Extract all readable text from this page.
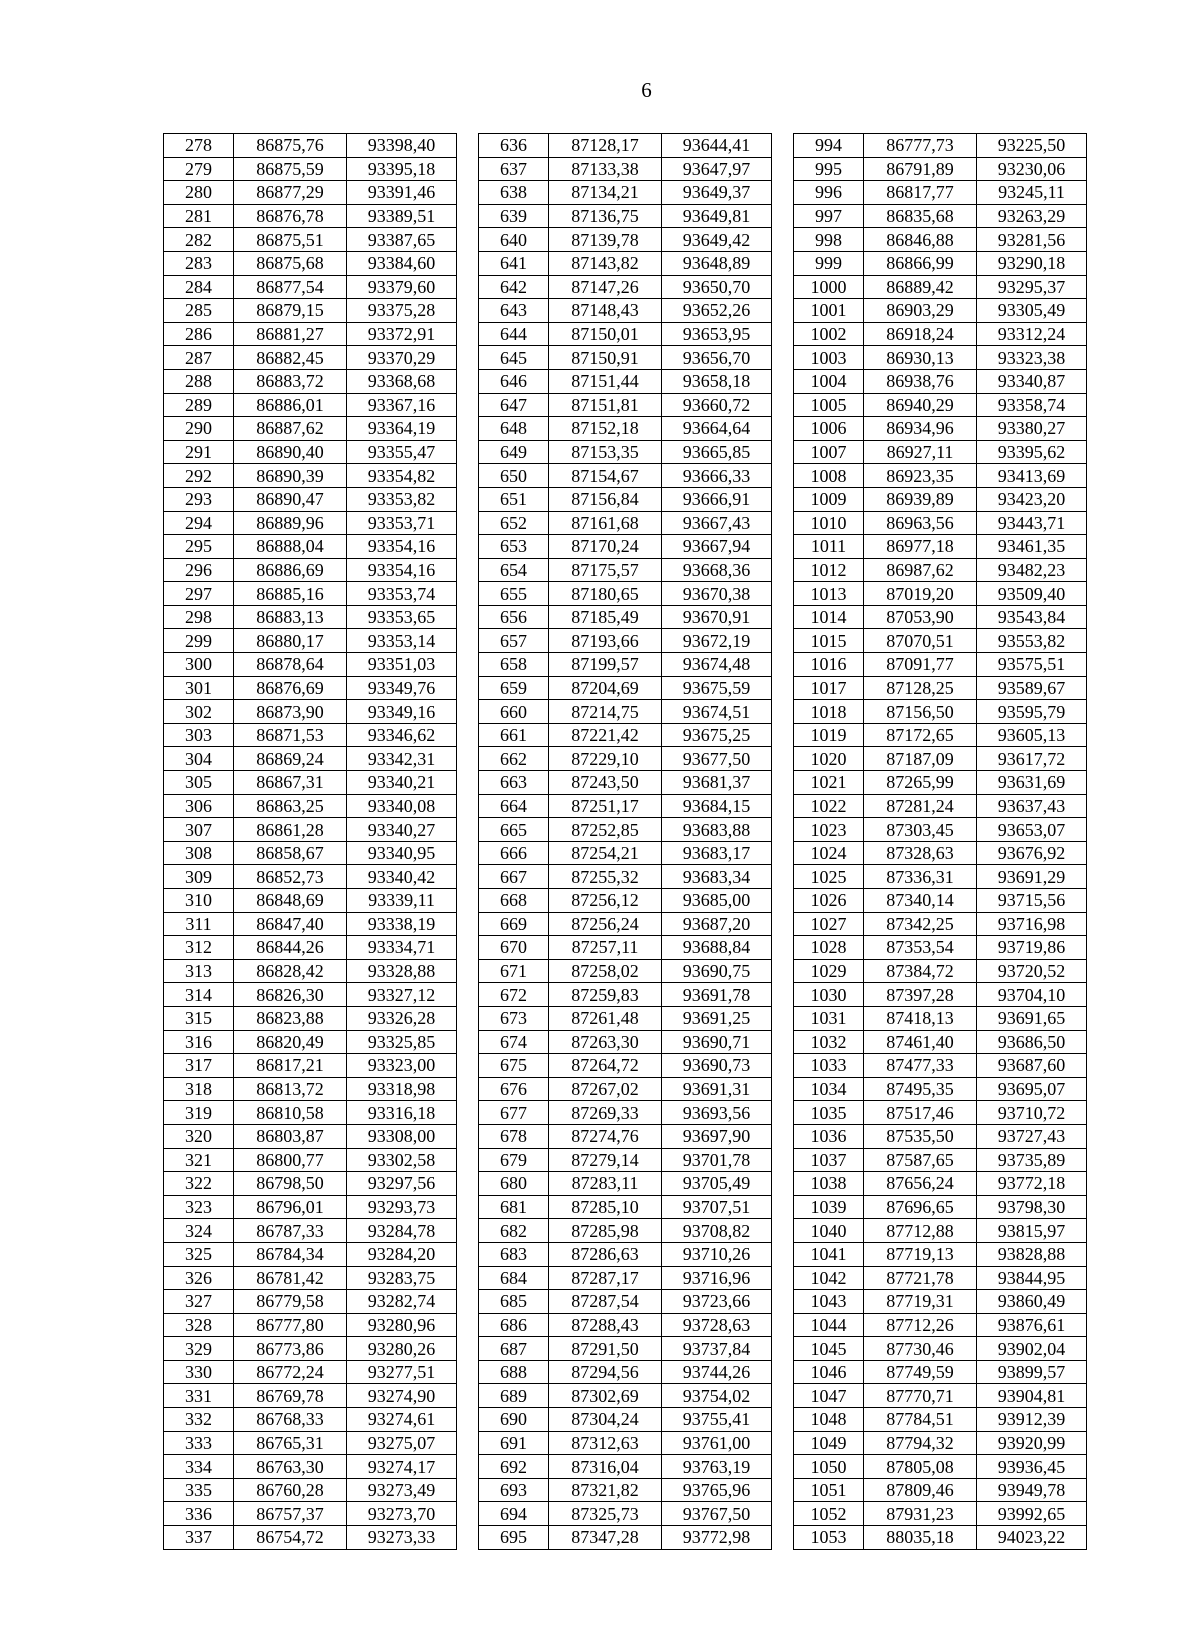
6
278	86875,76	93398,40		636	87128,17	93644,41		994	86777,73	93225,50
279	86875,59	93395,18		637	87133,38	93647,97		995	86791,89	93230,06
280	86877,29	93391,46		638	87134,21	93649,37		996	86817,77	93245,11
281	86876,78	93389,51		639	87136,75	93649,81		997	86835,68	93263,29
282	86875,51	93387,65		640	87139,78	93649,42		998	86846,88	93281,56
283	86875,68	93384,60		641	87143,82	93648,89		999	86866,99	93290,18
284	86877,54	93379,60		642	87147,26	93650,70		1000	86889,42	93295,37
285	86879,15	93375,28		643	87148,43	93652,26		1001	86903,29	93305,49
286	86881,27	93372,91		644	87150,01	93653,95		1002	86918,24	93312,24
287	86882,45	93370,29		645	87150,91	93656,70		1003	86930,13	93323,38
288	86883,72	93368,68		646	87151,44	93658,18		1004	86938,76	93340,87
289	86886,01	93367,16		647	87151,81	93660,72		1005	86940,29	93358,74
290	86887,62	93364,19		648	87152,18	93664,64		1006	86934,96	93380,27
291	86890,40	93355,47		649	87153,35	93665,85		1007	86927,11	93395,62
292	86890,39	93354,82		650	87154,67	93666,33		1008	86923,35	93413,69
293	86890,47	93353,82		651	87156,84	93666,91		1009	86939,89	93423,20
294	86889,96	93353,71		652	87161,68	93667,43		1010	86963,56	93443,71
295	86888,04	93354,16		653	87170,24	93667,94		1011	86977,18	93461,35
296	86886,69	93354,16		654	87175,57	93668,36		1012	86987,62	93482,23
297	86885,16	93353,74		655	87180,65	93670,38		1013	87019,20	93509,40
298	86883,13	93353,65		656	87185,49	93670,91		1014	87053,90	93543,84
299	86880,17	93353,14		657	87193,66	93672,19		1015	87070,51	93553,82
300	86878,64	93351,03		658	87199,57	93674,48		1016	87091,77	93575,51
301	86876,69	93349,76		659	87204,69	93675,59		1017	87128,25	93589,67
302	86873,90	93349,16		660	87214,75	93674,51		1018	87156,50	93595,79
303	86871,53	93346,62		661	87221,42	93675,25		1019	87172,65	93605,13
304	86869,24	93342,31		662	87229,10	93677,50		1020	87187,09	93617,72
305	86867,31	93340,21		663	87243,50	93681,37		1021	87265,99	93631,69
306	86863,25	93340,08		664	87251,17	93684,15		1022	87281,24	93637,43
307	86861,28	93340,27		665	87252,85	93683,88		1023	87303,45	93653,07
308	86858,67	93340,95		666	87254,21	93683,17		1024	87328,63	93676,92
309	86852,73	93340,42		667	87255,32	93683,34		1025	87336,31	93691,29
310	86848,69	93339,11		668	87256,12	93685,00		1026	87340,14	93715,56
311	86847,40	93338,19		669	87256,24	93687,20		1027	87342,25	93716,98
312	86844,26	93334,71		670	87257,11	93688,84		1028	87353,54	93719,86
313	86828,42	93328,88		671	87258,02	93690,75		1029	87384,72	93720,52
314	86826,30	93327,12		672	87259,83	93691,78		1030	87397,28	93704,10
315	86823,88	93326,28		673	87261,48	93691,25		1031	87418,13	93691,65
316	86820,49	93325,85		674	87263,30	93690,71		1032	87461,40	93686,50
317	86817,21	93323,00		675	87264,72	93690,73		1033	87477,33	93687,60
318	86813,72	93318,98		676	87267,02	93691,31		1034	87495,35	93695,07
319	86810,58	93316,18		677	87269,33	93693,56		1035	87517,46	93710,72
320	86803,87	93308,00		678	87274,76	93697,90		1036	87535,50	93727,43
321	86800,77	93302,58		679	87279,14	93701,78		1037	87587,65	93735,89
322	86798,50	93297,56		680	87283,11	93705,49		1038	87656,24	93772,18
323	86796,01	93293,73		681	87285,10	93707,51		1039	87696,65	93798,30
324	86787,33	93284,78		682	87285,98	93708,82		1040	87712,88	93815,97
325	86784,34	93284,20		683	87286,63	93710,26		1041	87719,13	93828,88
326	86781,42	93283,75		684	87287,17	93716,96		1042	87721,78	93844,95
327	86779,58	93282,74		685	87287,54	93723,66		1043	87719,31	93860,49
328	86777,80	93280,96		686	87288,43	93728,63		1044	87712,26	93876,61
329	86773,86	93280,26		687	87291,50	93737,84		1045	87730,46	93902,04
330	86772,24	93277,51		688	87294,56	93744,26		1046	87749,59	93899,57
331	86769,78	93274,90		689	87302,69	93754,02		1047	87770,71	93904,81
332	86768,33	93274,61		690	87304,24	93755,41		1048	87784,51	93912,39
333	86765,31	93275,07		691	87312,63	93761,00		1049	87794,32	93920,99
334	86763,30	93274,17		692	87316,04	93763,19		1050	87805,08	93936,45
335	86760,28	93273,49		693	87321,82	93765,96		1051	87809,46	93949,78
336	86757,37	93273,70		694	87325,73	93767,50		1052	87931,23	93992,65
337	86754,72	93273,33		695	87347,28	93772,98		1053	88035,18	94023,22
